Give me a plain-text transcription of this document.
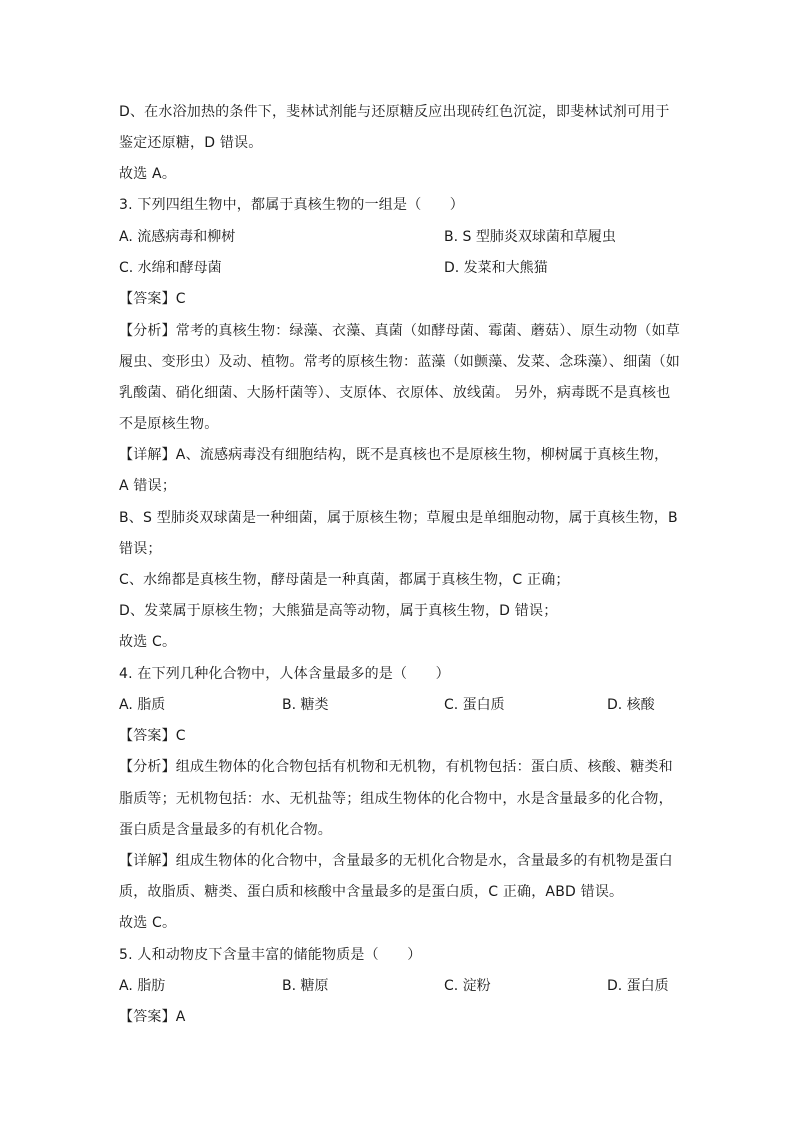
D、在水浴加热的条件下，斐林试剂能与还原糖反应出现砖红色沉淀，即斐林试剂可用于
鉴定还原糖，D 错误。
故选 A。
3. 下列四组生物中，都属于真核生物的一组是（　　）
A. 流感病毒和柳树	B. S 型肺炎双球菌和草履虫
C. 水绵和酵母菌	D. 发菜和大熊猫
【答案】C
【分析】常考的真核生物：绿藻、衣藻、真菌（如酵母菌、霉菌、蘑菇）、原生动物（如草
履虫、变形虫）及动、植物。常考的原核生物：蓝藻（如颤藻、发菜、念珠藻）、细菌（如
乳酸菌、硝化细菌、大肠杆菌等）、支原体、衣原体、放线菌。 另外，病毒既不是真核也
不是原核生物。
【详解】A、流感病毒没有细胞结构，既不是真核也不是原核生物，柳树属于真核生物，
A 错误；
B、S 型肺炎双球菌是一种细菌，属于原核生物；草履虫是单细胞动物，属于真核生物，B
错误；
C、水绵都是真核生物，酵母菌是一种真菌，都属于真核生物，C 正确；
D、发菜属于原核生物；大熊猫是高等动物，属于真核生物，D 错误；
故选 C。
4. 在下列几种化合物中，人体含量最多的是（　　）
A. 脂质	B. 糖类	C. 蛋白质	D. 核酸
【答案】C
【分析】组成生物体的化合物包括有机物和无机物，有机物包括：蛋白质、核酸、糖类和
脂质等；无机物包括：水、无机盐等；组成生物体的化合物中，水是含量最多的化合物，
蛋白质是含量最多的有机化合物。
【详解】组成生物体的化合物中，含量最多的无机化合物是水，含量最多的有机物是蛋白
质，故脂质、糖类、蛋白质和核酸中含量最多的是蛋白质，C 正确，ABD 错误。
故选 C。
5. 人和动物皮下含量丰富的储能物质是（　　）
A. 脂肪	B. 糖原	C. 淀粉	D. 蛋白质
【答案】A
